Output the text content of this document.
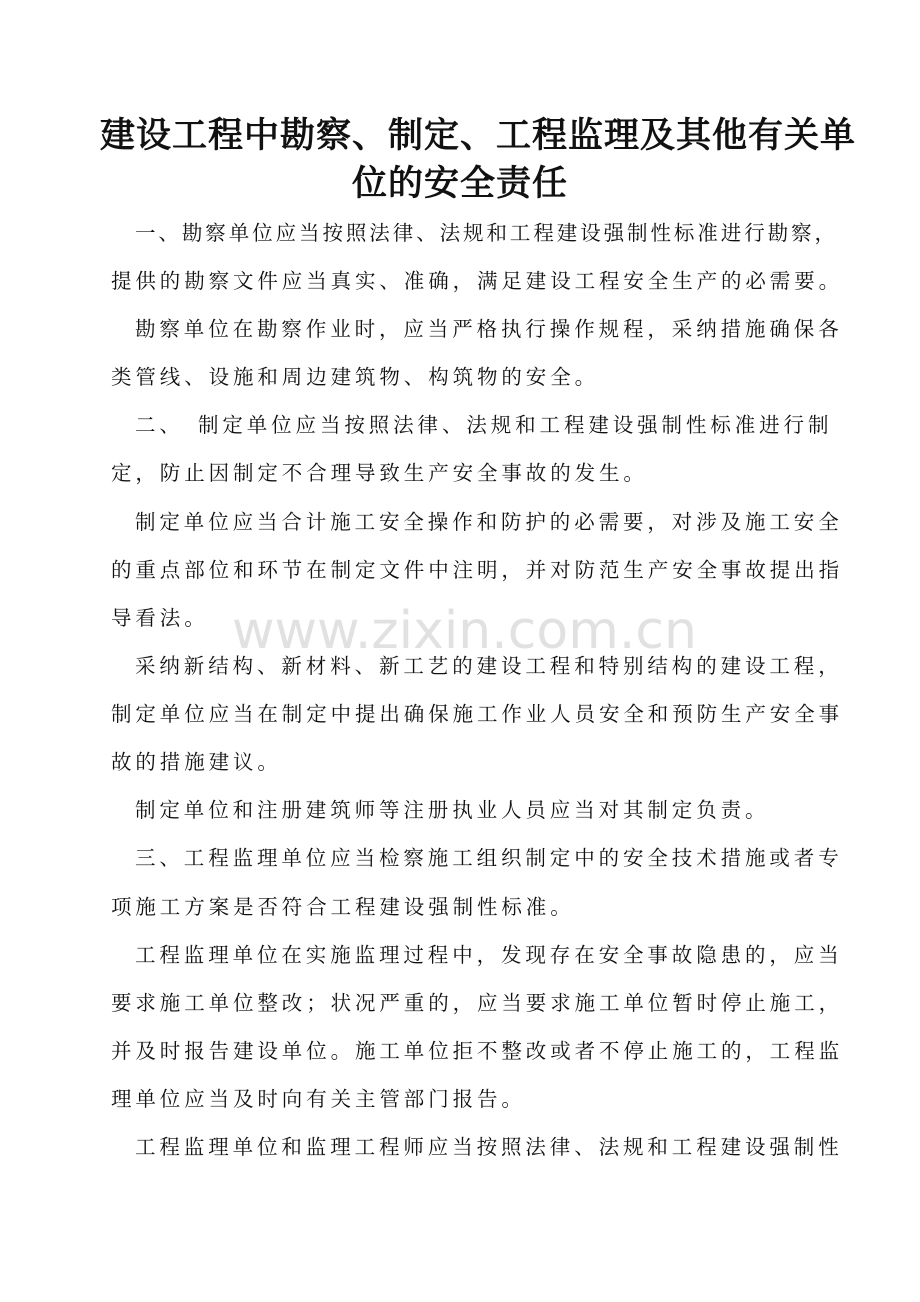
建设工程中勘察、制定、工程监理及其他有关单
位的安全责任
一、勘察单位应当按照法律、法规和工程建设强制性标准进行勘察，
提供的勘察文件应当真实、准确，满足建设工程安全生产的必需要。
勘察单位在勘察作业时，应当严格执行操作规程，采纳措施确保各
类管线、设施和周边建筑物、构筑物的安全。
二、　制定单位应当按照法律、法规和工程建设强制性标准进行制
定，防止因制定不合理导致生产安全事故的发生。
制定单位应当合计施工安全操作和防护的必需要，对涉及施工安全
的重点部位和环节在制定文件中注明，并对防范生产安全事故提出指
导看法。
采纳新结构、新材料、新工艺的建设工程和特别结构的建设工程，
制定单位应当在制定中提出确保施工作业人员安全和预防生产安全事
故的措施建议。
制定单位和注册建筑师等注册执业人员应当对其制定负责。
三、工程监理单位应当检察施工组织制定中的安全技术措施或者专
项施工方案是否符合工程建设强制性标准。
工程监理单位在实施监理过程中，发现存在安全事故隐患的，应当
要求施工单位整改；状况严重的，应当要求施工单位暂时停止施工，
并及时报告建设单位。施工单位拒不整改或者不停止施工的，工程监
理单位应当及时向有关主管部门报告。
工程监理单位和监理工程师应当按照法律、法规和工程建设强制性
www.zixin.com.cn
